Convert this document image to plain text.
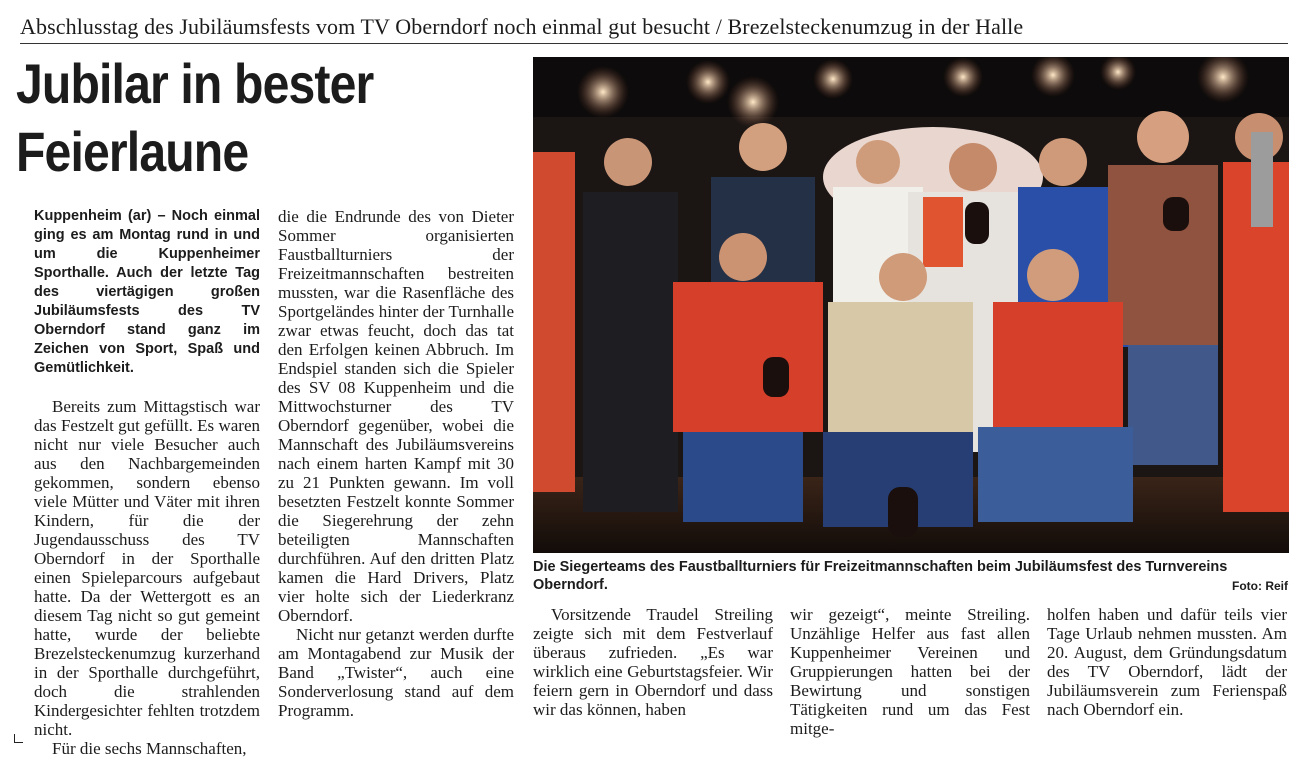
Abschlusstag des Jubiläumsfests vom TV Oberndorf noch einmal gut besucht / Brezelsteckenumzug in der Halle
Jubilar in bester
Feierlaune

Kuppenheim (ar) – Noch einmal ging es am Montag rund in und um die Kuppenheimer Sporthalle. Auch der letzte Tag des viertägigen großen Jubiläumsfests des TV Oberndorf stand ganz im Zeichen von Sport, Spaß und Gemütlichkeit.

Bereits zum Mittagstisch war das Festzelt gut gefüllt. Es waren nicht nur viele Besucher auch aus den Nachbargemeinden gekommen, sondern ebenso viele Mütter und Väter mit ihren Kindern, für die der Jugendausschuss des TV Oberndorf in der Sporthalle einen Spieleparcours aufgebaut hatte. Da der Wettergott es an diesem Tag nicht so gut gemeint hatte, wurde der beliebte Brezelsteckenumzug kurzerhand in der Sporthalle durchgeführt, doch die strahlenden Kindergesichter fehlten trotzdem nicht.

Für die sechs Mannschaften,

die die Endrunde des von Dieter Sommer organisierten Faustballturniers der Freizeitmannschaften bestreiten mussten, war die Rasenfläche des Sportgeländes hinter der Turnhalle zwar etwas feucht, doch das tat den Erfolgen keinen Abbruch. Im Endspiel standen sich die Spieler des SV 08 Kuppenheim und die Mittwochsturner des TV Oberndorf gegenüber, wobei die Mannschaft des Jubiläumsvereins nach einem harten Kampf mit 30 zu 21 Punkten gewann. Im voll besetzten Festzelt konnte Sommer die Siegerehrung der zehn beteiligten Mannschaften durchführen. Auf den dritten Platz kamen die Hard Drivers, Platz vier holte sich der Liederkranz Oberndorf.

Nicht nur getanzt werden durfte am Montagabend zur Musik der Band „Twister“, auch eine Sonderverlosung stand auf dem Programm.

Die Siegerteams des Faustballturniers für Freizeitmannschaften beim Jubiläumsfest des Turnvereins Oberndorf.	Foto: Reif

Vorsitzende Traudel Streiling zeigte sich mit dem Festverlauf überaus zufrieden. „Es war wirklich eine Geburtstagsfeier. Wir feiern gern in Oberndorf und dass wir das können, haben

wir gezeigt“, meinte Streiling. Unzählige Helfer aus fast allen Kuppenheimer Vereinen und Gruppierungen hatten bei der Bewirtung und sonstigen Tätigkeiten rund um das Fest mitge-

holfen haben und dafür teils vier Tage Urlaub nehmen mussten. Am 20. August, dem Gründungsdatum des TV Oberndorf, lädt der Jubiläumsverein zum Ferienspaß nach Oberndorf ein.
